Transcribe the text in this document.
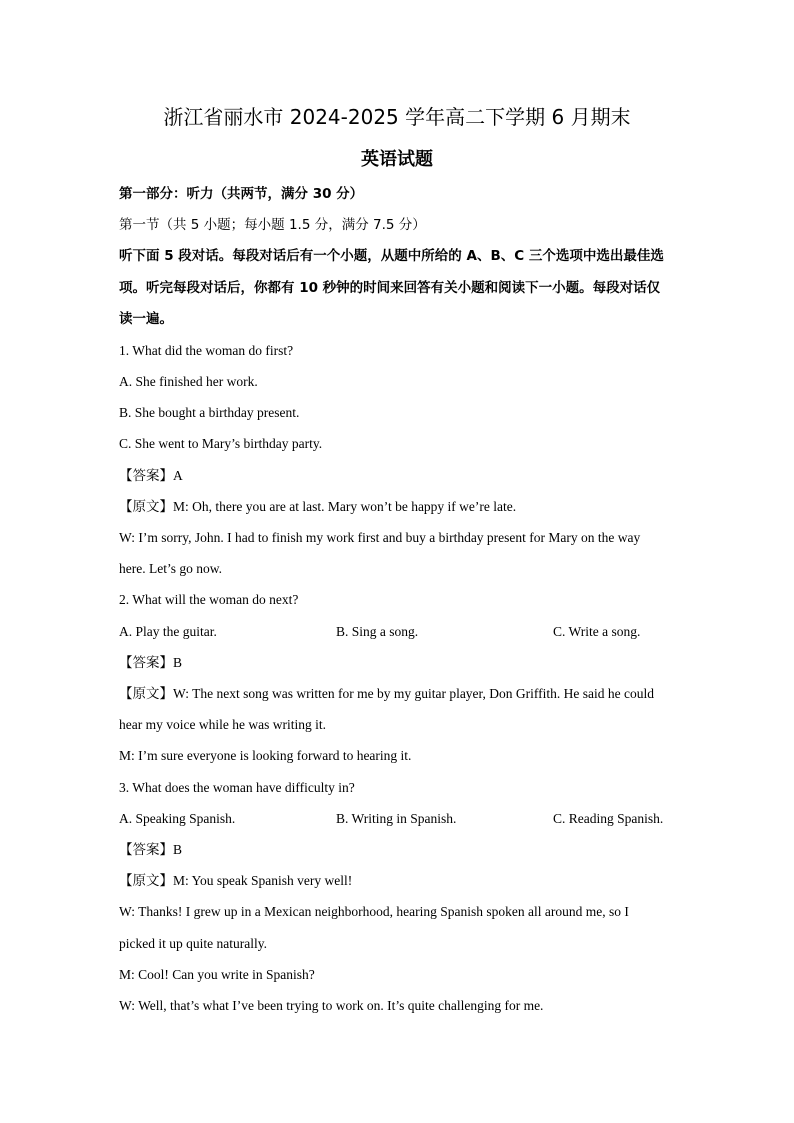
浙江省丽水市 2024-2025 学年高二下学期 6 月期末
英语试题
第一部分：听力（共两节，满分 30 分）
第一节（共 5 小题；每小题 1.5 分，满分 7.5 分）
听下面 5 段对话。每段对话后有一个小题，从题中所给的 A、B、C 三个选项中选出最佳选
项。听完每段对话后，你都有 10 秒钟的时间来回答有关小题和阅读下一小题。每段对话仅
读一遍。
1. What did the woman do first?
A. She finished her work.
B. She bought a birthday present.
C. She went to Mary’s birthday party.
【答案】A
【原文】M: Oh, there you are at last. Mary won’t be happy if we’re late.
W: I’m sorry, John. I had to finish my work first and buy a birthday present for Mary on the way
here. Let’s go now.
2. What will the woman do next?
A. Play the guitar.	B. Sing a song.	C. Write a song.
【答案】B
【原文】W: The next song was written for me by my guitar player, Don Griffith. He said he could
hear my voice while he was writing it.
M: I’m sure everyone is looking forward to hearing it.
3. What does the woman have difficulty in?
A. Speaking Spanish.	B. Writing in Spanish.	C. Reading Spanish.
【答案】B
【原文】M: You speak Spanish very well!
W: Thanks! I grew up in a Mexican neighborhood, hearing Spanish spoken all around me, so I
picked it up quite naturally.
M: Cool! Can you write in Spanish?
W: Well, that’s what I’ve been trying to work on. It’s quite challenging for me.
